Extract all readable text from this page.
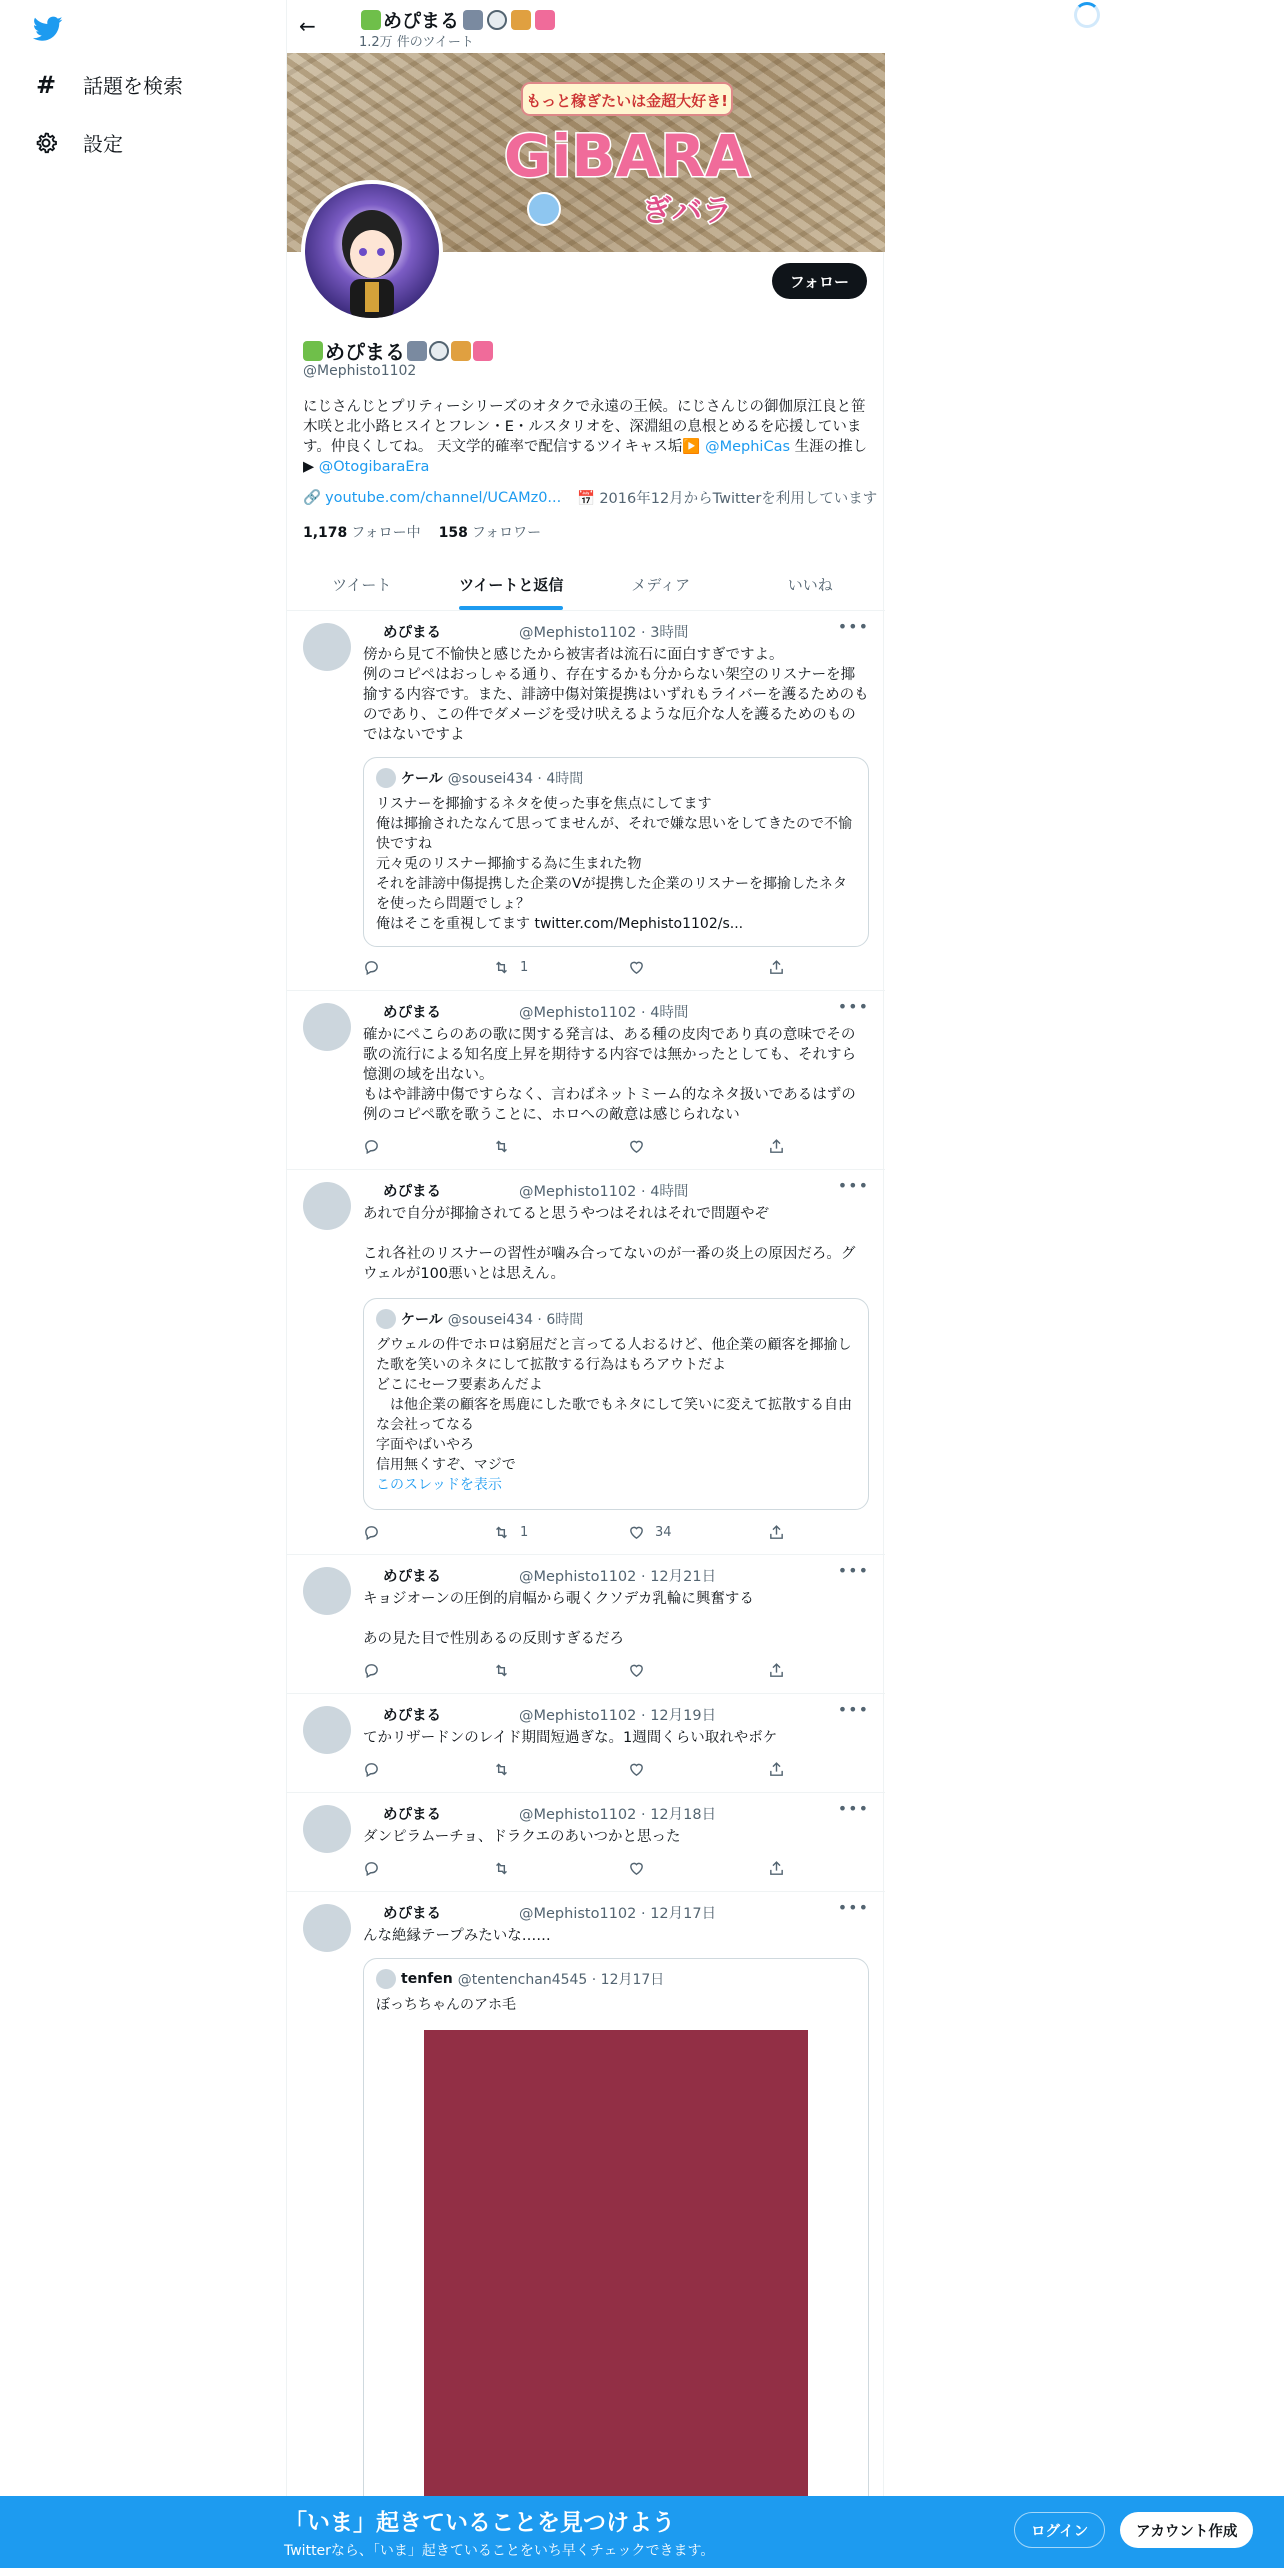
# 話題を検索
設定
←	めぴまる
1.2万 件のツイート
もっと稼ぎたいは金超大好き!
GiBARA
ぎバラ
フォロー
めぴまる
@Mephisto1102
にじさんじとプリティーシリーズのオタクで永遠の王候。にじさんじの御伽原江良と笹木咲と北小路ヒスイとフレン・E・ルスタリオを、深淵組の息根とめるを応援しています。仲良くしてね。 天文学的確率で配信するツイキャス垢▶️ @MephiCas 生涯の推し▶ @OtogibaraEra
🔗 youtube.com/channel/UCAMz0... 📅 2016年12月からTwitterを利用しています
1,178 フォロー中 158 フォロワー
ツイート	ツイートと返信	メディア	いいね
めぴまる	@Mephisto1102 · 3時間	•••
傍から見て不愉快と感じたから被害者は流石に面白すぎですよ。
例のコピペはおっしゃる通り、存在するかも分からない架空のリスナーを揶揄する内容です。また、誹謗中傷対策提携はいずれもライバーを護るためのものであり、この件でダメージを受け吠えるような厄介な人を護るためのものではないですよ
ケール @sousei434 · 4時間
リスナーを揶揄するネタを使った事を焦点にしてます
俺は揶揄されたなんて思ってませんが、それで嫌な思いをしてきたので不愉快ですね
元々兎のリスナー揶揄する為に生まれた物
それを誹謗中傷提携した企業のVが提携した企業のリスナーを揶揄したネタを使ったら問題でしょ？
俺はそこを重視してます twitter.com/Mephisto1102/s...
1
めぴまる	@Mephisto1102 · 4時間	•••
確かにぺこらのあの歌に関する発言は、ある種の皮肉であり真の意味でその歌の流行による知名度上昇を期待する内容では無かったとしても、それすら憶測の域を出ない。
もはや誹謗中傷ですらなく、言わばネットミーム的なネタ扱いであるはずの例のコピペ歌を歌うことに、ホロへの敵意は感じられない
めぴまる	@Mephisto1102 · 4時間	•••
あれで自分が揶揄されてると思うやつはそれはそれで問題やぞ

これ各社のリスナーの習性が噛み合ってないのが一番の炎上の原因だろ。グウェルが100悪いとは思えん。
ケール @sousei434 · 6時間
グウェルの件でホロは窮屈だと言ってる人おるけど、他企業の顧客を揶揄した歌を笑いのネタにして拡散する行為はもろアウトだよ
どこにセーフ要素あんだよ
　は他企業の顧客を馬鹿にした歌でもネタにして笑いに変えて拡散する自由な会社ってなる
字面やばいやろ
信用無くすぞ、マジで
このスレッドを表示
1	34
めぴまる	@Mephisto1102 · 12月21日	•••
キョジオーンの圧倒的肩幅から覗くクソデカ乳輪に興奮する

あの見た目で性別あるの反則すぎるだろ
めぴまる	@Mephisto1102 · 12月19日	•••
てかリザードンのレイド期間短過ぎな。1週間くらい取れやボケ
めぴまる	@Mephisto1102 · 12月18日	•••
ダンピラムーチョ、ドラクエのあいつかと思った
めぴまる	@Mephisto1102 · 12月17日	•••
んな絶縁テープみたいな……
tenfen @tentenchan4545 · 12月17日
ぼっちちゃんのアホ毛
「いま」起きていることを見つけよう
Twitterなら、「いま」起きていることをいち早くチェックできます。
ログイン	アカウント作成
